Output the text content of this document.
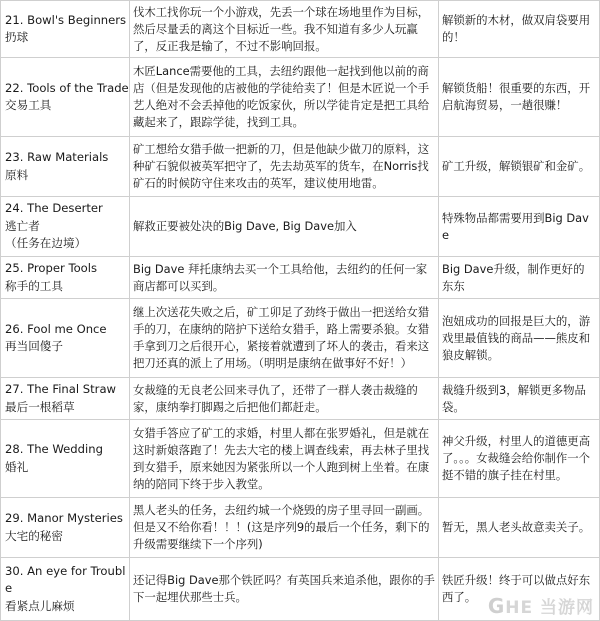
21. Bowl's Beginners
扔球	伐木工找你玩一个小游戏，先丢一个球在场地里作为目标，然后尽量丢的离这个目标近一些。我不知道有多少人玩赢了，反正我是输了，不过不影响回报。	解锁新的木材，做双肩袋要用的！

22. Tools of the Trade
交易工具	木匠Lance需要他的工具，去纽约跟他一起找到他以前的商店（但是发现他的店被他的学徒给卖了！但是木匠说一个手艺人绝对不会丢掉他的吃饭家伙，所以学徒肯定是把工具给藏起来了，跟踪学徒，找到工具。	解锁货船！很重要的东西，开启航海贸易，一趟很赚！

23. Raw Materials
原料	矿工想给女猎手做一把新的刀，但是他缺少做刀的原料，这种矿石貌似被英军把守了，先去劫英军的货车，在Norris找矿石的时候防守住来攻击的英军，建议使用地雷。	矿工升级，解锁银矿和金矿。

24. The Deserter
逃亡者
（任务在边境）	解救正要被处决的Big Dave, Big Dave加入	特殊物品都需要用到Big Dave

25. Proper Tools
称手的工具	Big Dave 拜托康纳去买一个工具给他，去纽约的任何一家商店都可以买到。	Big Dave升级，制作更好的东东

26. Fool me Once
再当回傻子	继上次送花失败之后，矿工卯足了劲终于做出一把送给女猎手的刀，在康纳的陪护下送给女猎手，路上需要杀狼。女猎手拿到刀之后很开心，紧接着就遭到了坏人的袭击，看来这把刀还真的派上了用场。（明明是康纳在做事好不好！）	泡妞成功的回报是巨大的，游戏里最值钱的商品——熊皮和狼皮解锁。

27. The Final Straw
最后一根稻草	女裁缝的无良老公回来寻仇了，还带了一群人袭击裁缝的家，康纳拳打脚踢之后把他们都赶走。	裁缝升级到3，解锁更多物品袋。

28. The Wedding
婚礼	女猎手答应了矿工的求婚，村里人都在张罗婚礼，但是就在这时新娘落跑了！先去大宅的楼上调查线索，再去林子里找到女猎手，原来她因为紧张所以一个人跑到树上坐着。在康纳的陪同下终于步入教堂。	神父升级，村里人的道德更高了。。。女裁缝会给你制作一个挺不错的旗子挂在村里。

29. Manor Mysteries
大宅的秘密	黑人老头的任务，去纽约城一个烧毁的房子里寻回一副画。但是又不给你看！！！(这是序列9的最后一个任务，剩下的升级需要继续下一个序列)	暂无，黑人老头故意卖关子。

30. An eye for Trouble
看紧点儿麻烦	还记得Big Dave那个铁匠吗？有英国兵来追杀他，跟你的手下一起埋伏那些士兵。	铁匠升级！终于可以做点好东西了。 GHE 当游网
